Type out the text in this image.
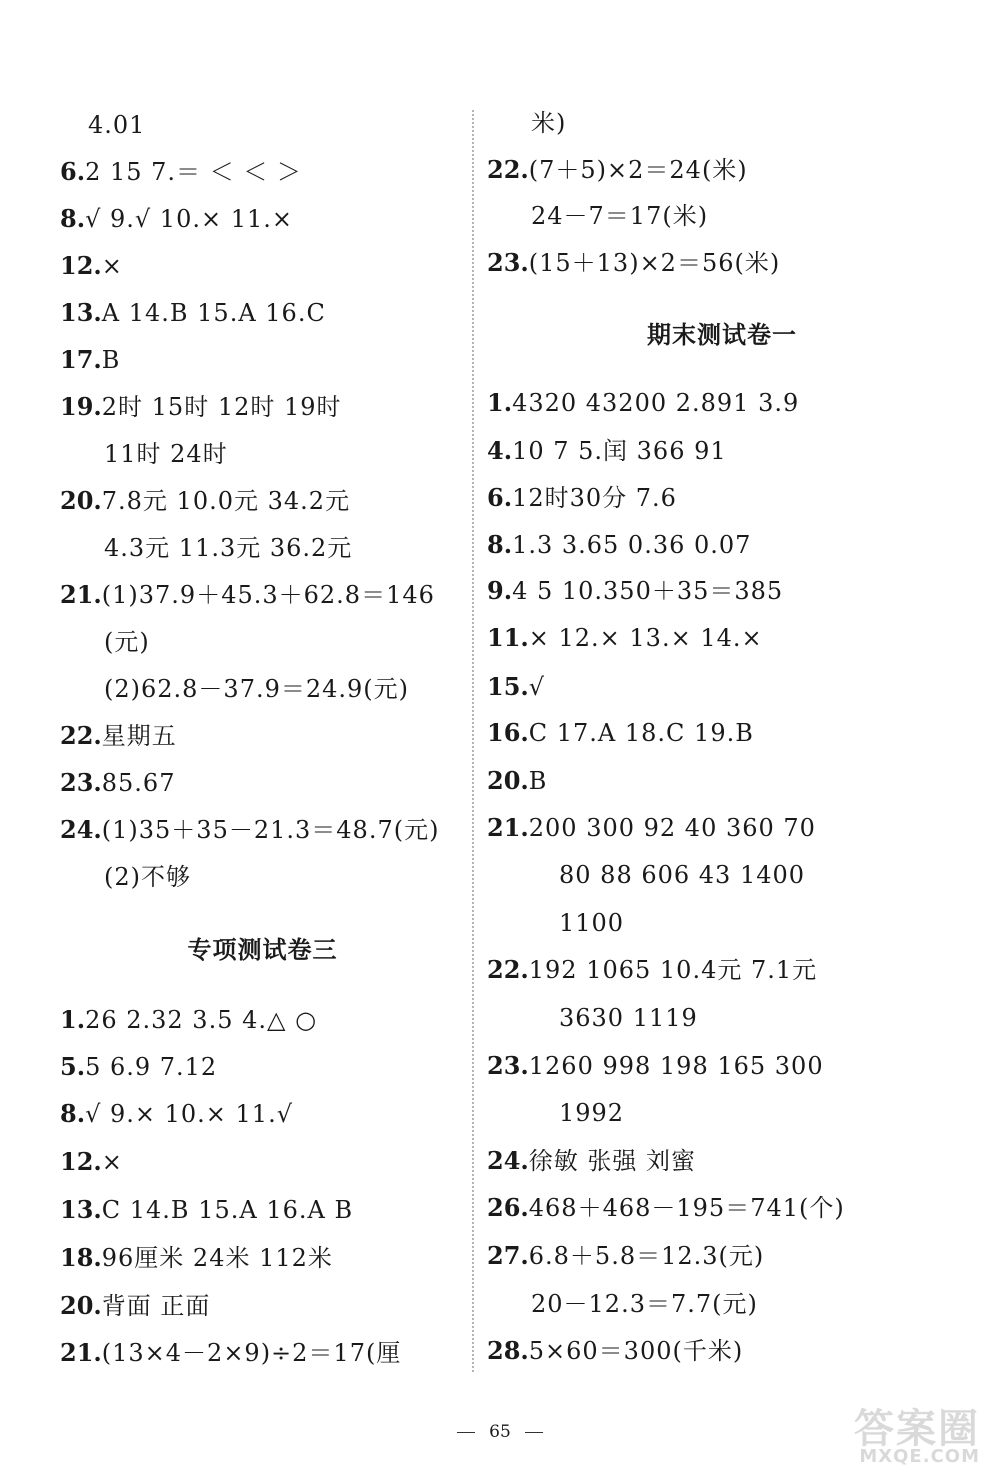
4.01
6.2 15 7.＝ ＜ ＜ ＞
8.√ 9.√ 10.× 11.×
12.×
13.A 14.B 15.A 16.C
17.B
19.2时 15时 12时 19时
11时 24时
20.7.8元 10.0元 34.2元
4.3元 11.3元 36.2元
21.(1)37.9＋45.3＋62.8＝146
(元)
(2)62.8－37.9＝24.9(元)
22.星期五
23.85.67
24.(1)35＋35－21.3＝48.7(元)
(2)不够
专项测试卷三
1.26 2.32 3.5 4.△ ○
5.5 6.9 7.12
8.√ 9.× 10.× 11.√
12.×
13.C 14.B 15.A 16.A B
18.96厘米 24米 112米
20.背面 正面
21.(13×4－2×9)÷2＝17(厘
米)
22.(7＋5)×2＝24(米)
24－7＝17(米)
23.(15＋13)×2＝56(米)
期末测试卷一
1.4320 43200 2.891 3.9
4.10 7 5.闰 366 91
6.12时30分 7.6
8.1.3 3.65 0.36 0.07
9.4 5 10.350＋35＝385
11.× 12.× 13.× 14.×
15.√
16.C 17.A 18.C 19.B
20.B
21.200 300 92 40 360 70
80 88 606 43 1400
1100
22.192 1065 10.4元 7.1元
3630 1119
23.1260 998 198 165 300
1992
24.徐敏 张强 刘蜜
26.468＋468－195＝741(个)
27.6.8＋5.8＝12.3(元)
20－12.3＝7.7(元)
28.5×60＝300(千米)
65	答案圈
MXQE.COM
